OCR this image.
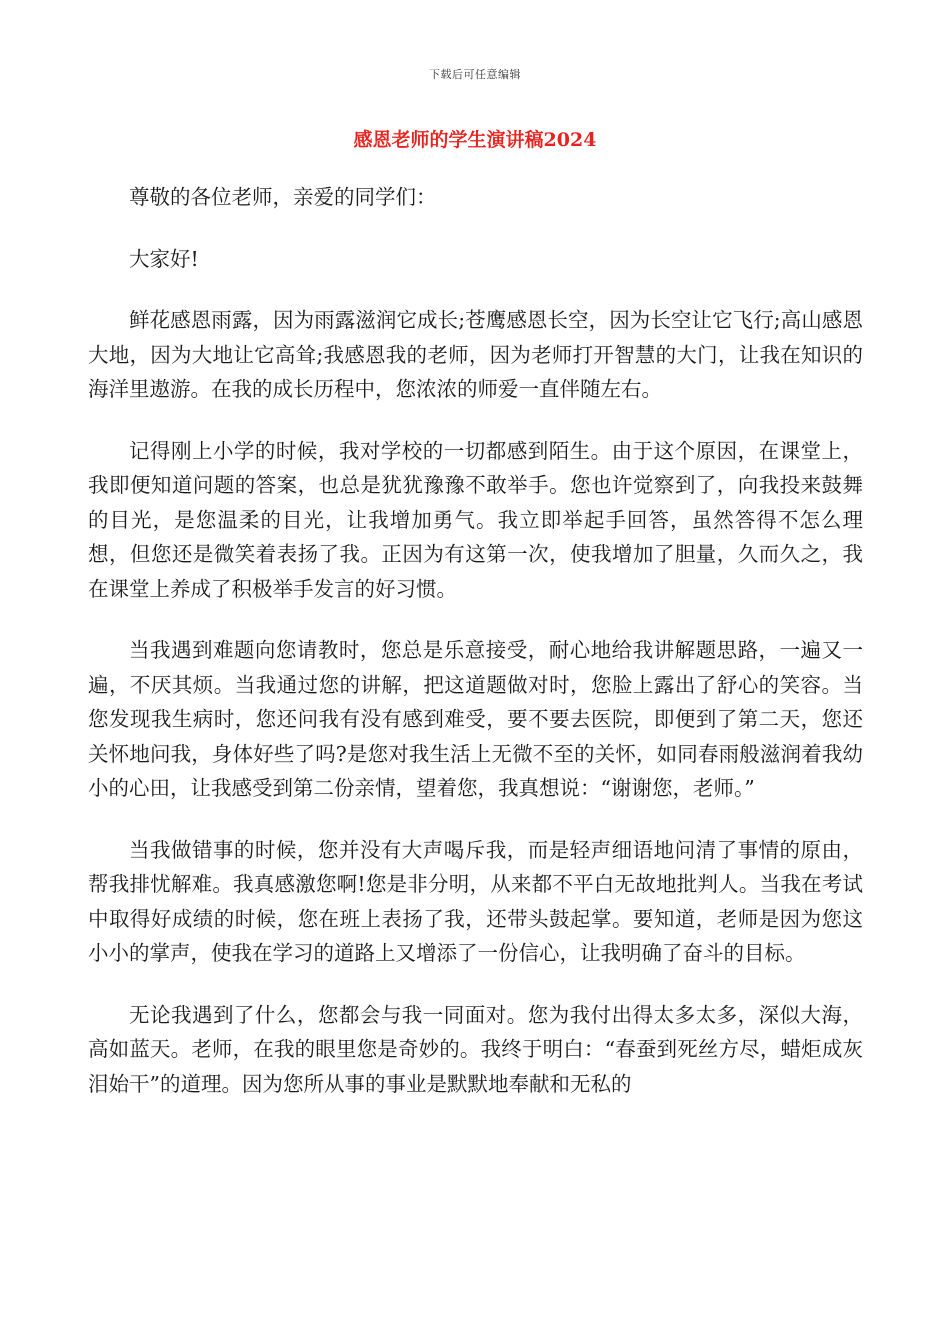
下载后可任意编辑
感恩老师的学生演讲稿2024

尊敬的各位老师，亲爱的同学们：

大家好!

鲜花感恩雨露，因为雨露滋润它成长;苍鹰感恩长空，因为长空让它飞行;高山感恩大地，因为大地让它高耸;我感恩我的老师，因为老师打开智慧的大门，让我在知识的海洋里遨游。在我的成长历程中，您浓浓的师爱一直伴随左右。

记得刚上小学的时候，我对学校的一切都感到陌生。由于这个原因，在课堂上，我即便知道问题的答案，也总是犹犹豫豫不敢举手。您也许觉察到了，向我投来鼓舞的目光，是您温柔的目光，让我增加勇气。我立即举起手回答，虽然答得不怎么理想，但您还是微笑着表扬了我。正因为有这第一次，使我增加了胆量，久而久之，我在课堂上养成了积极举手发言的好习惯。

当我遇到难题向您请教时，您总是乐意接受，耐心地给我讲解题思路，一遍又一遍，不厌其烦。当我通过您的讲解，把这道题做对时，您脸上露出了舒心的笑容。当您发现我生病时，您还问我有没有感到难受，要不要去医院，即便到了第二天，您还关怀地问我，身体好些了吗?是您对我生活上无微不至的关怀，如同春雨般滋润着我幼小的心田，让我感受到第二份亲情，望着您，我真想说：“谢谢您，老师。”

当我做错事的时候，您并没有大声喝斥我，而是轻声细语地问清了事情的原由，帮我排忧解难。我真感激您啊!您是非分明，从来都不平白无故地批判人。当我在考试中取得好成绩的时候，您在班上表扬了我，还带头鼓起掌。要知道，老师是因为您这小小的掌声，使我在学习的道路上又增添了一份信心，让我明确了奋斗的目标。

无论我遇到了什么，您都会与我一同面对。您为我付出得太多太多，深似大海，高如蓝天。老师，在我的眼里您是奇妙的。我终于明白：“春蚕到死丝方尽，蜡炬成灰泪始干”的道理。因为您所从事的事业是默默地奉献和无私的
